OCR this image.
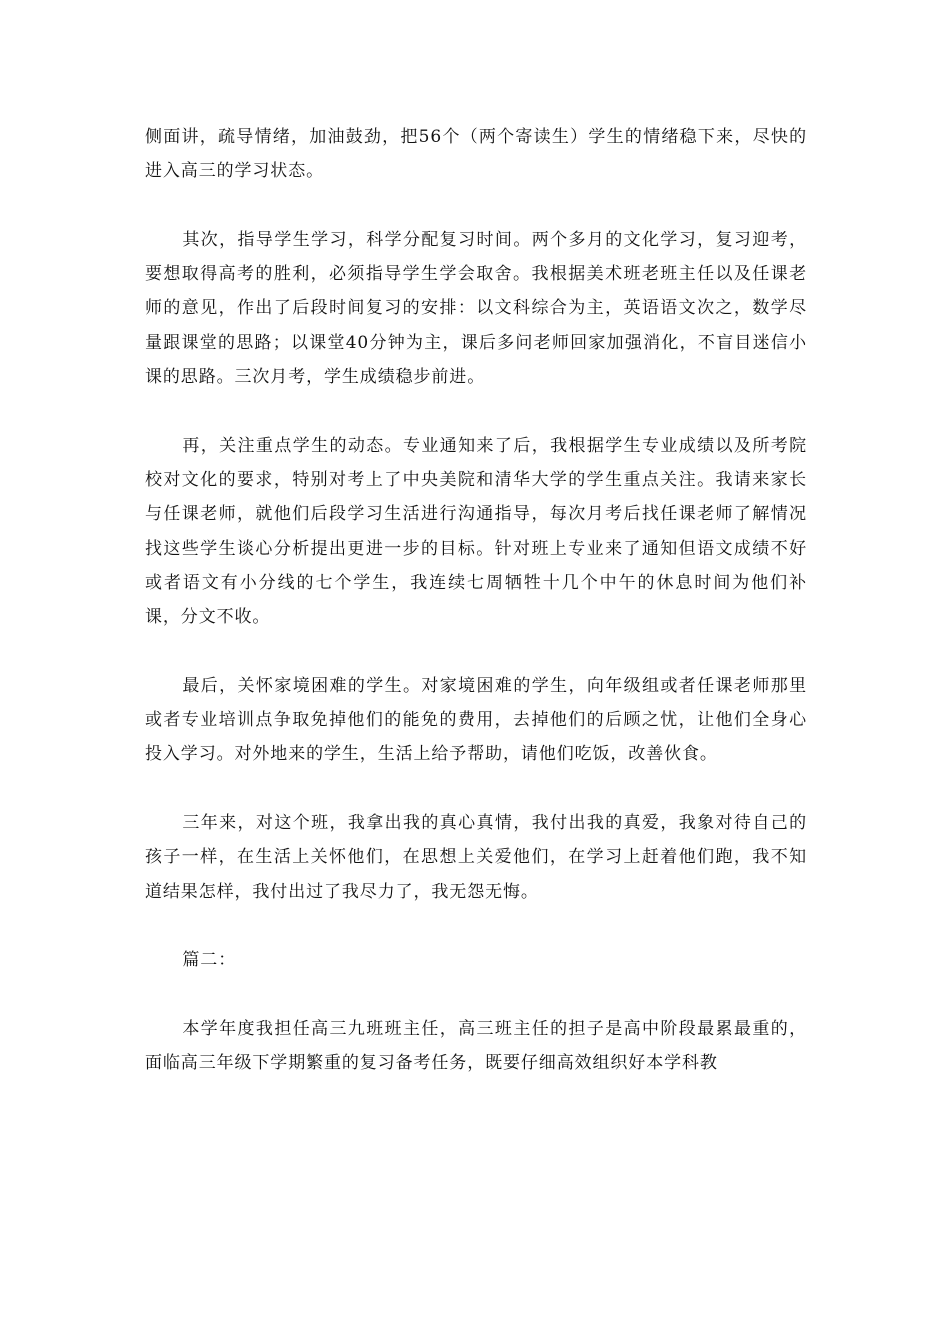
侧面讲，疏导情绪，加油鼓劲，把56个（两个寄读生）学生的情绪稳下来，尽快的进入高三的学习状态。

其次，指导学生学习，科学分配复习时间。两个多月的文化学习，复习迎考，要想取得高考的胜利，必须指导学生学会取舍。我根据美术班老班主任以及任课老师的意见，作出了后段时间复习的安排：以文科综合为主，英语语文次之，数学尽量跟课堂的思路；以课堂40分钟为主，课后多问老师回家加强消化，不盲目迷信小课的思路。三次月考，学生成绩稳步前进。

再，关注重点学生的动态。专业通知来了后，我根据学生专业成绩以及所考院校对文化的要求，特别对考上了中央美院和清华大学的学生重点关注。我请来家长与任课老师，就他们后段学习生活进行沟通指导，每次月考后找任课老师了解情况找这些学生谈心分析提出更进一步的目标。针对班上专业来了通知但语文成绩不好或者语文有小分线的七个学生，我连续七周牺牲十几个中午的休息时间为他们补课，分文不收。

最后，关怀家境困难的学生。对家境困难的学生，向年级组或者任课老师那里或者专业培训点争取免掉他们的能免的费用，去掉他们的后顾之忧，让他们全身心投入学习。对外地来的学生，生活上给予帮助，请他们吃饭，改善伙食。

三年来，对这个班，我拿出我的真心真情，我付出我的真爱，我象对待自己的孩子一样，在生活上关怀他们，在思想上关爱他们，在学习上赶着他们跑，我不知道结果怎样，我付出过了我尽力了，我无怨无悔。

篇二：

本学年度我担任高三九班班主任，高三班主任的担子是高中阶段最累最重的，面临高三年级下学期繁重的复习备考任务，既要仔细高效组织好本学科教
